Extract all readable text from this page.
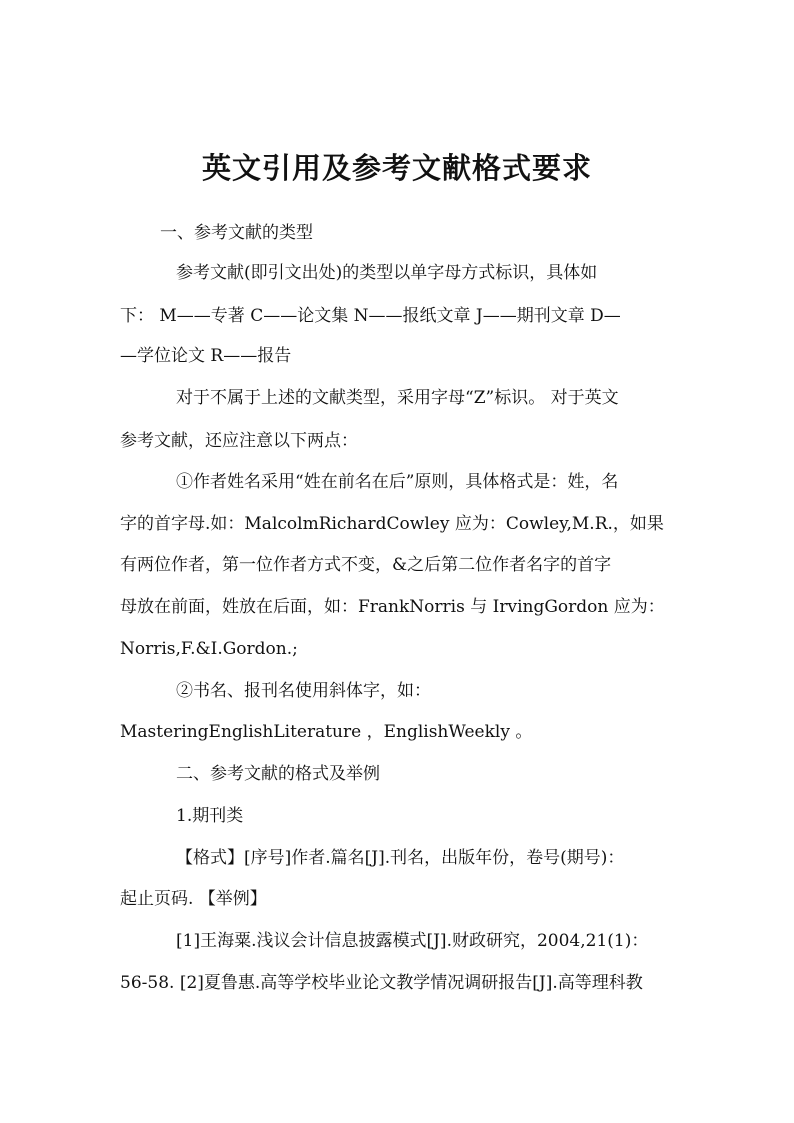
英文引用及参考文献格式要求
一、参考文献的类型
参考文献(即引文出处)的类型以单字母方式标识，具体如
下： M——专著 C——论文集 N——报纸文章 J——期刊文章 D—
—学位论文 R——报告
对于不属于上述的文献类型，采用字母“Z”标识。 对于英文
参考文献，还应注意以下两点：
①作者姓名采用“姓在前名在后”原则，具体格式是：姓，名
字的首字母.如：MalcolmRichardCowley 应为：Cowley,M.R.，如果
有两位作者，第一位作者方式不变，&之后第二位作者名字的首字
母放在前面，姓放在后面，如：FrankNorris 与 IrvingGordon 应为：
Norris,F.&I.Gordon.;
②书名、报刊名使用斜体字，如：
MasteringEnglishLiterature ，EnglishWeekly 。
二、参考文献的格式及举例
1.期刊类
【格式】[序号]作者.篇名[J].刊名，出版年份，卷号(期号)：
起止页码. 【举例】
[1]王海粟.浅议会计信息披露模式[J].财政研究，2004,21(1)：
56-58. [2]夏鲁惠.高等学校毕业论文教学情况调研报告[J].高等理科教
